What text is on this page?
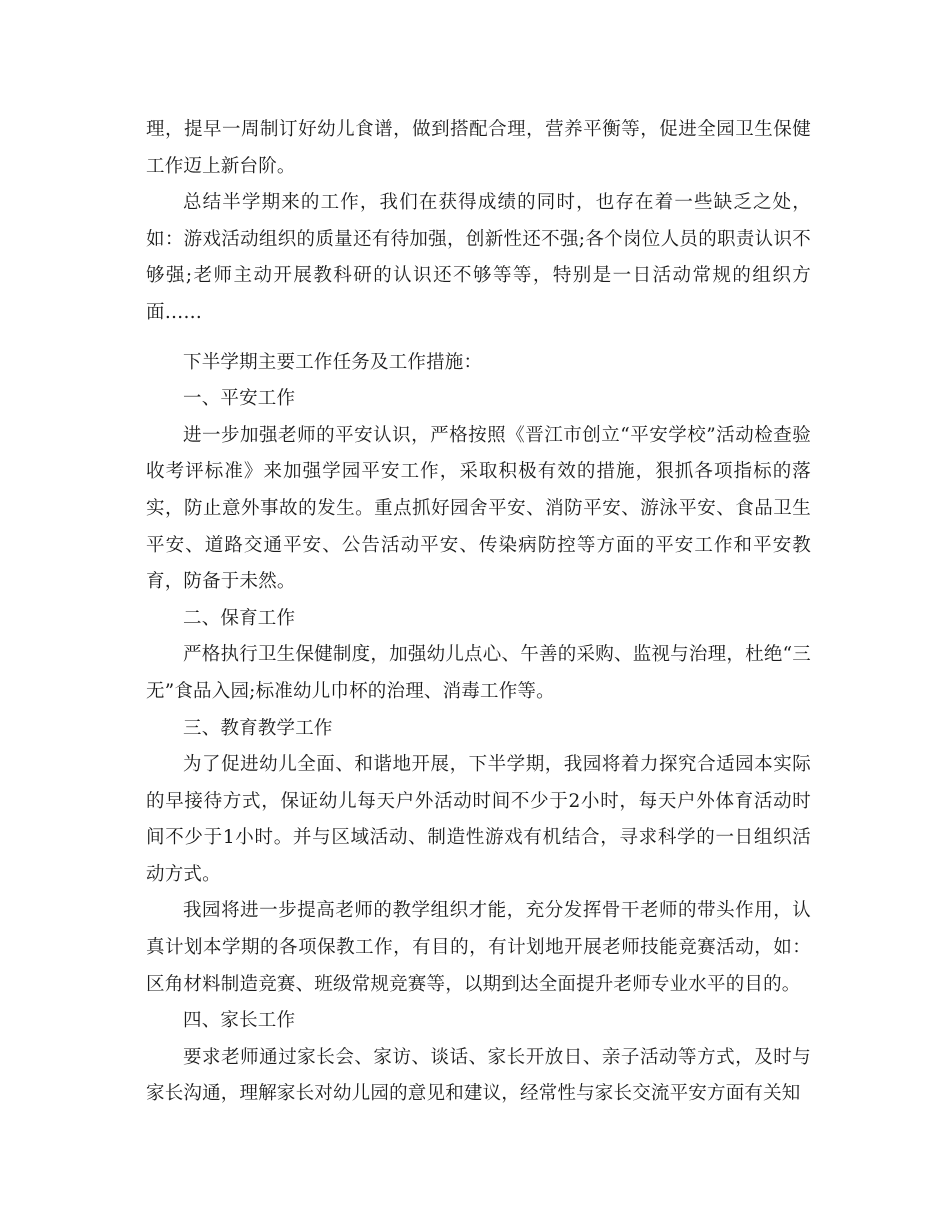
理，提早一周制订好幼儿食谱，做到搭配合理，营养平衡等，促进全园卫生保健工作迈上新台阶。

总结半学期来的工作，我们在获得成绩的同时，也存在着一些缺乏之处，如：游戏活动组织的质量还有待加强，创新性还不强;各个岗位人员的职责认识不够强;老师主动开展教科研的认识还不够等等，特别是一日活动常规的组织方面……

下半学期主要工作任务及工作措施：

一、平安工作

进一步加强老师的平安认识，严格按照《晋江市创立“平安学校”活动检查验收考评标准》来加强学园平安工作，采取积极有效的措施，狠抓各项指标的落实，防止意外事故的发生。重点抓好园舍平安、消防平安、游泳平安、食品卫生平安、道路交通平安、公告活动平安、传染病防控等方面的平安工作和平安教育，防备于未然。

二、保育工作

严格执行卫生保健制度，加强幼儿点心、午善的采购、监视与治理，杜绝“三无”食品入园;标准幼儿巾杯的治理、消毒工作等。

三、教育教学工作

为了促进幼儿全面、和谐地开展，下半学期，我园将着力探究合适园本实际的早接待方式，保证幼儿每天户外活动时间不少于2小时，每天户外体育活动时间不少于1小时。并与区域活动、制造性游戏有机结合，寻求科学的一日组织活动方式。

我园将进一步提高老师的教学组织才能，充分发挥骨干老师的带头作用，认真计划本学期的各项保教工作，有目的，有计划地开展老师技能竞赛活动，如：区角材料制造竞赛、班级常规竞赛等，以期到达全面提升老师专业水平的目的。

四、家长工作

要求老师通过家长会、家访、谈话、家长开放日、亲子活动等方式，及时与家长沟通，理解家长对幼儿园的意见和建议，经常性与家长交流平安方面有关知
